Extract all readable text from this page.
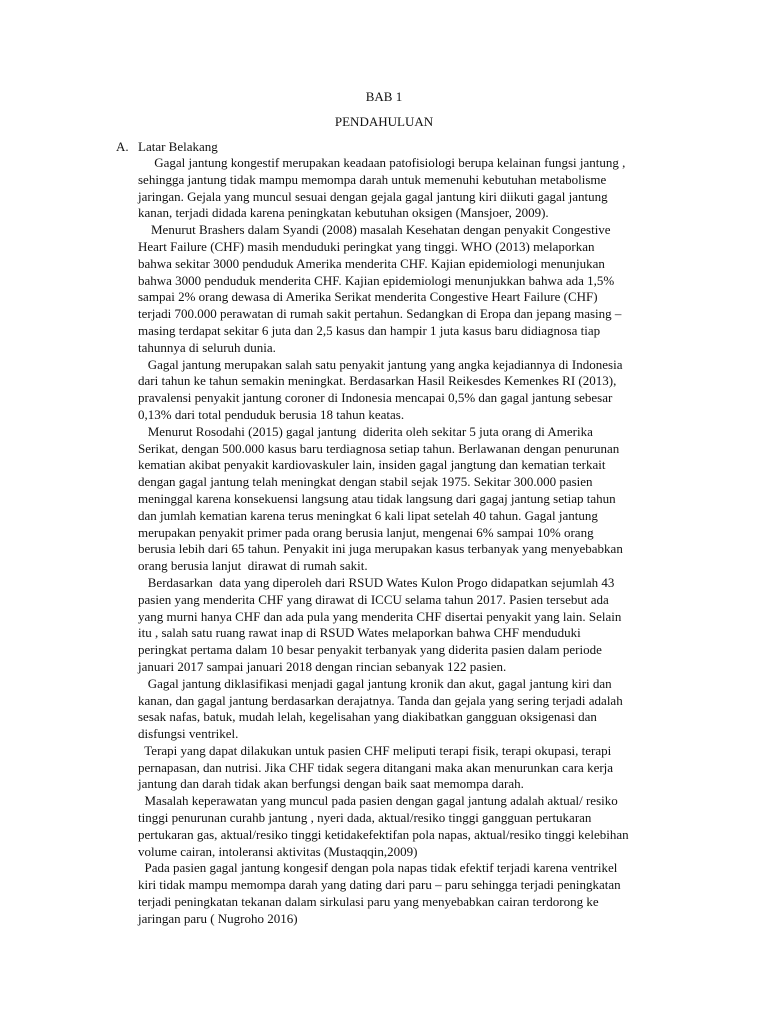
BAB 1
PENDAHULUAN
A. Latar Belakang
Gagal jantung kongestif merupakan keadaan patofisiologi berupa kelainan fungsi jantung ,
sehingga jantung tidak mampu memompa darah untuk memenuhi kebutuhan metabolisme
jaringan. Gejala yang muncul sesuai dengan gejala gagal jantung kiri diikuti gagal jantung
kanan, terjadi didada karena peningkatan kebutuhan oksigen (Mansjoer, 2009).
Menurut Brashers dalam Syandi (2008) masalah Kesehatan dengan penyakit Congestive
Heart Failure (CHF) masih menduduki peringkat yang tinggi. WHO (2013) melaporkan
bahwa sekitar 3000 penduduk Amerika menderita CHF. Kajian epidemiologi menunjukan
bahwa 3000 penduduk menderita CHF. Kajian epidemiologi menunjukkan bahwa ada 1,5%
sampai 2% orang dewasa di Amerika Serikat menderita Congestive Heart Failure (CHF)
terjadi 700.000 perawatan di rumah sakit pertahun. Sedangkan di Eropa dan jepang masing –
masing terdapat sekitar 6 juta dan 2,5 kasus dan hampir 1 juta kasus baru didiagnosa tiap
tahunnya di seluruh dunia.
Gagal jantung merupakan salah satu penyakit jantung yang angka kejadiannya di Indonesia
dari tahun ke tahun semakin meningkat. Berdasarkan Hasil Reikesdes Kemenkes RI (2013),
pravalensi penyakit jantung coroner di Indonesia mencapai 0,5% dan gagal jantung sebesar
0,13% dari total penduduk berusia 18 tahun keatas.
Menurut Rosodahi (2015) gagal jantung  diderita oleh sekitar 5 juta orang di Amerika
Serikat, dengan 500.000 kasus baru terdiagnosa setiap tahun. Berlawanan dengan penurunan
kematian akibat penyakit kardiovaskuler lain, insiden gagal jangtung dan kematian terkait
dengan gagal jantung telah meningkat dengan stabil sejak 1975. Sekitar 300.000 pasien
meninggal karena konsekuensi langsung atau tidak langsung dari gagaj jantung setiap tahun
dan jumlah kematian karena terus meningkat 6 kali lipat setelah 40 tahun. Gagal jantung
merupakan penyakit primer pada orang berusia lanjut, mengenai 6% sampai 10% orang
berusia lebih dari 65 tahun. Penyakit ini juga merupakan kasus terbanyak yang menyebabkan
orang berusia lanjut  dirawat di rumah sakit.
Berdasarkan  data yang diperoleh dari RSUD Wates Kulon Progo didapatkan sejumlah 43
pasien yang menderita CHF yang dirawat di ICCU selama tahun 2017. Pasien tersebut ada
yang murni hanya CHF dan ada pula yang menderita CHF disertai penyakit yang lain. Selain
itu , salah satu ruang rawat inap di RSUD Wates melaporkan bahwa CHF menduduki
peringkat pertama dalam 10 besar penyakit terbanyak yang diderita pasien dalam periode
januari 2017 sampai januari 2018 dengan rincian sebanyak 122 pasien.
Gagal jantung diklasifikasi menjadi gagal jantung kronik dan akut, gagal jantung kiri dan
kanan, dan gagal jantung berdasarkan derajatnya. Tanda dan gejala yang sering terjadi adalah
sesak nafas, batuk, mudah lelah, kegelisahan yang diakibatkan gangguan oksigenasi dan
disfungsi ventrikel.
Terapi yang dapat dilakukan untuk pasien CHF meliputi terapi fisik, terapi okupasi, terapi
pernapasan, dan nutrisi. Jika CHF tidak segera ditangani maka akan menurunkan cara kerja
jantung dan darah tidak akan berfungsi dengan baik saat memompa darah.
Masalah keperawatan yang muncul pada pasien dengan gagal jantung adalah aktual/ resiko
tinggi penurunan curahb jantung , nyeri dada, aktual/resiko tinggi gangguan pertukaran
pertukaran gas, aktual/resiko tinggi ketidakefektifan pola napas, aktual/resiko tinggi kelebihan
volume cairan, intoleransi aktivitas (Mustaqqin,2009)
Pada pasien gagal jantung kongesif dengan pola napas tidak efektif terjadi karena ventrikel
kiri tidak mampu memompa darah yang dating dari paru – paru sehingga terjadi peningkatan
terjadi peningkatan tekanan dalam sirkulasi paru yang menyebabkan cairan terdorong ke
jaringan paru ( Nugroho 2016)
